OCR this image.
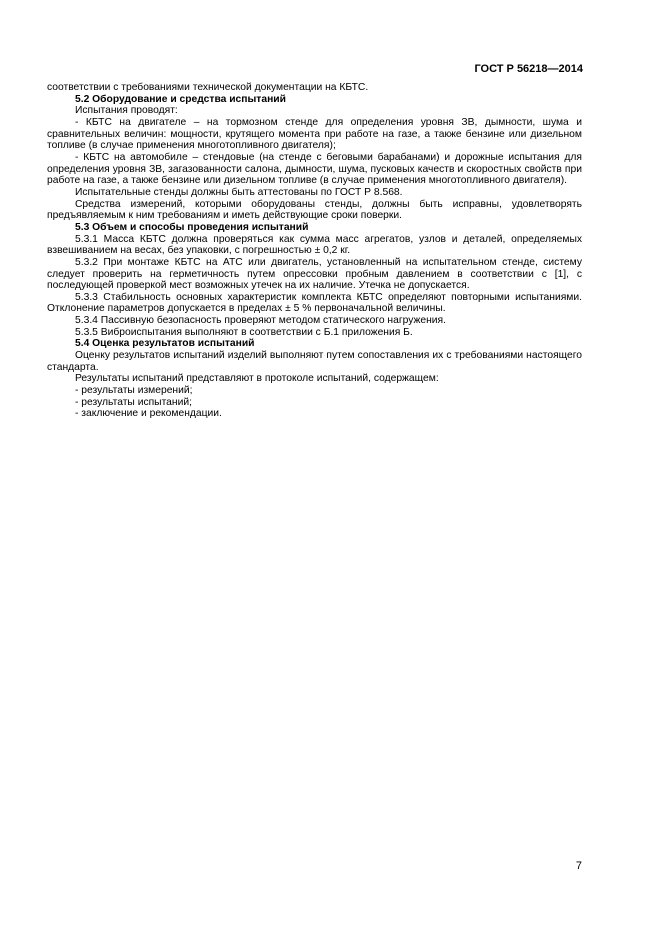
ГОСТ Р 56218—2014

соответствии с требованиями технической документации на КБТС.

5.2 Оборудование и средства испытаний

Испытания проводят:

- КБТС на двигателе – на тормозном стенде для определения уровня ЗВ, дымности, шума и сравнительных величин: мощности, крутящего момента при работе на газе, а также бензине или дизельном топливе (в случае применения многотопливного двигателя);

- КБТС на автомобиле – стендовые (на стенде с беговыми барабанами) и дорожные испытания для определения уровня ЗВ, загазованности салона, дымности, шума, пусковых качеств и скоростных свойств при работе на газе, а также бензине или дизельном топливе (в случае применения многотопливного двигателя).

Испытательные стенды должны быть аттестованы по ГОСТ Р 8.568.

Средства измерений, которыми оборудованы стенды, должны быть исправны, удовлетворять предъявляемым к ним требованиям и иметь действующие сроки поверки.

5.3 Объем и способы проведения испытаний

5.3.1 Масса КБТС должна проверяться как сумма масс агрегатов, узлов и деталей, определяемых взвешиванием на весах, без упаковки, с погрешностью ± 0,2 кг.

5.3.2 При монтаже КБТС на АТС или двигатель, установленный на испытательном стенде, систему следует проверить на герметичность путем опрессовки пробным давлением в соответствии с [1], с последующей проверкой мест возможных утечек на их наличие. Утечка не допускается.

5.3.3 Стабильность основных характеристик комплекта КБТС определяют повторными испытаниями. Отклонение параметров допускается в пределах ± 5 % первоначальной величины.

5.3.4 Пассивную безопасность проверяют методом статического нагружения.

5.3.5 Виброиспытания выполняют в соответствии с Б.1 приложения Б.

5.4 Оценка результатов испытаний

Оценку результатов испытаний изделий выполняют путем сопоставления их с требованиями настоящего стандарта.

Результаты испытаний представляют в протоколе испытаний, содержащем:

- результаты измерений;

- результаты испытаний;

- заключение и рекомендации.

7
